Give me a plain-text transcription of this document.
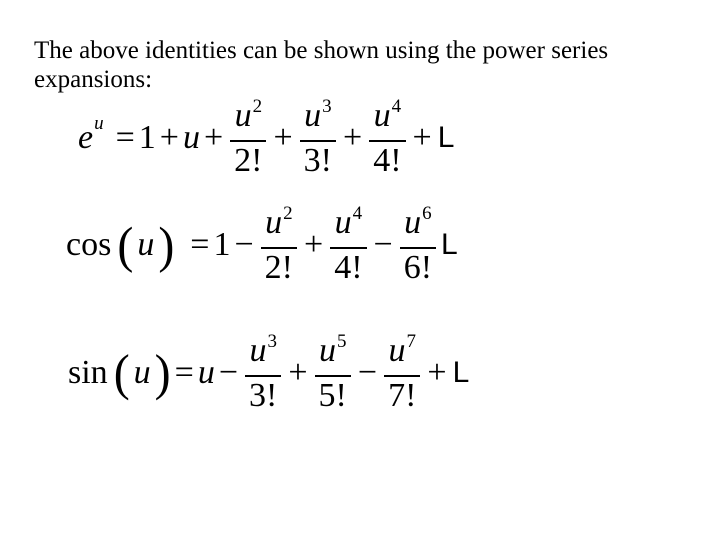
The above identities can be shown using the power series expansions:
$e^u = 1 + u + \frac{u^2}{2!} + \frac{u^3}{3!} + \frac{u^4}{4!} + L$
cos ( u ) = $1 - \frac{u^2}{2!} + \frac{u^4}{4!} - \frac{u^6}{6!}$ L
sin ( u ) = $u - \frac{u^3}{3!} + \frac{u^5}{5!} - \frac{u^7}{7!} + L$
